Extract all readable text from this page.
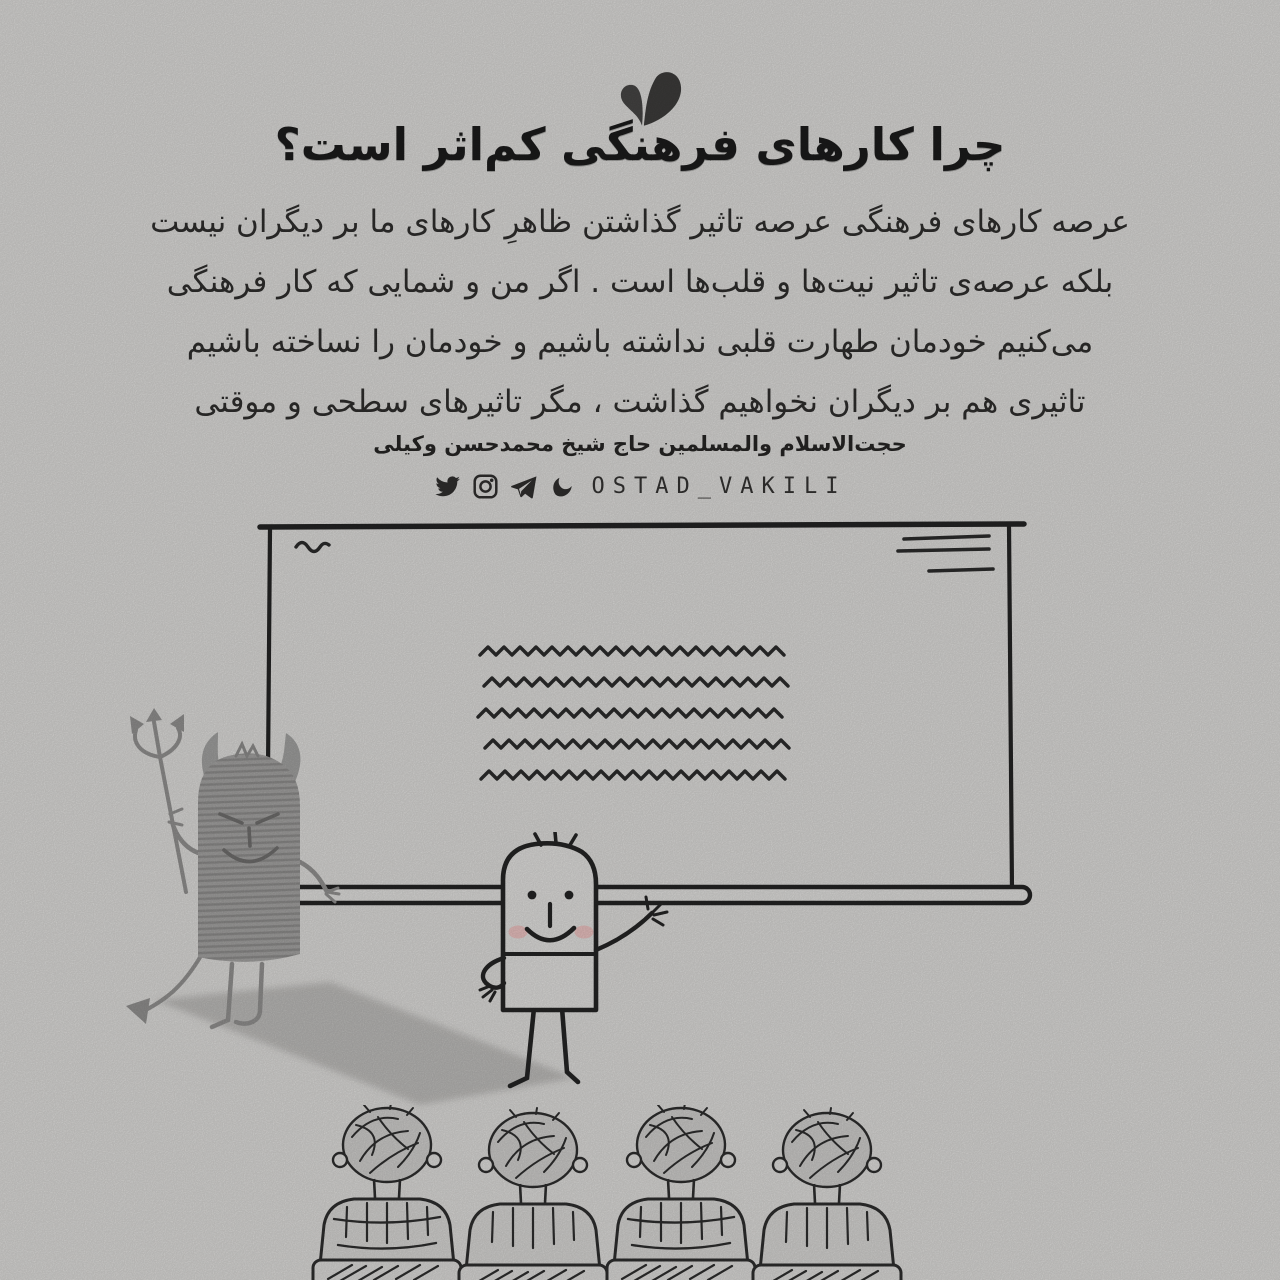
چرا کارهای فرهنگی کم‌اثر است؟

عرصه کارهای فرهنگی عرصه تاثیر گذاشتن ظاهرِ کارهای ما بر دیگران نیست

بلکه عرصه‌ی تاثیر نیت‌ها و قلب‌ها است . اگر من و شمایی که کار فرهنگی

می‌کنیم خودمان طهارت قلبی نداشته باشیم و خودمان را نساخته باشیم

تاثیری هم بر دیگران نخواهیم گذاشت ، مگر تاثیرهای سطحی و موقتی

حجت‌الاسلام والمسلمین حاج شیخ محمدحسن وکیلی
OSTAD_VAKILI
